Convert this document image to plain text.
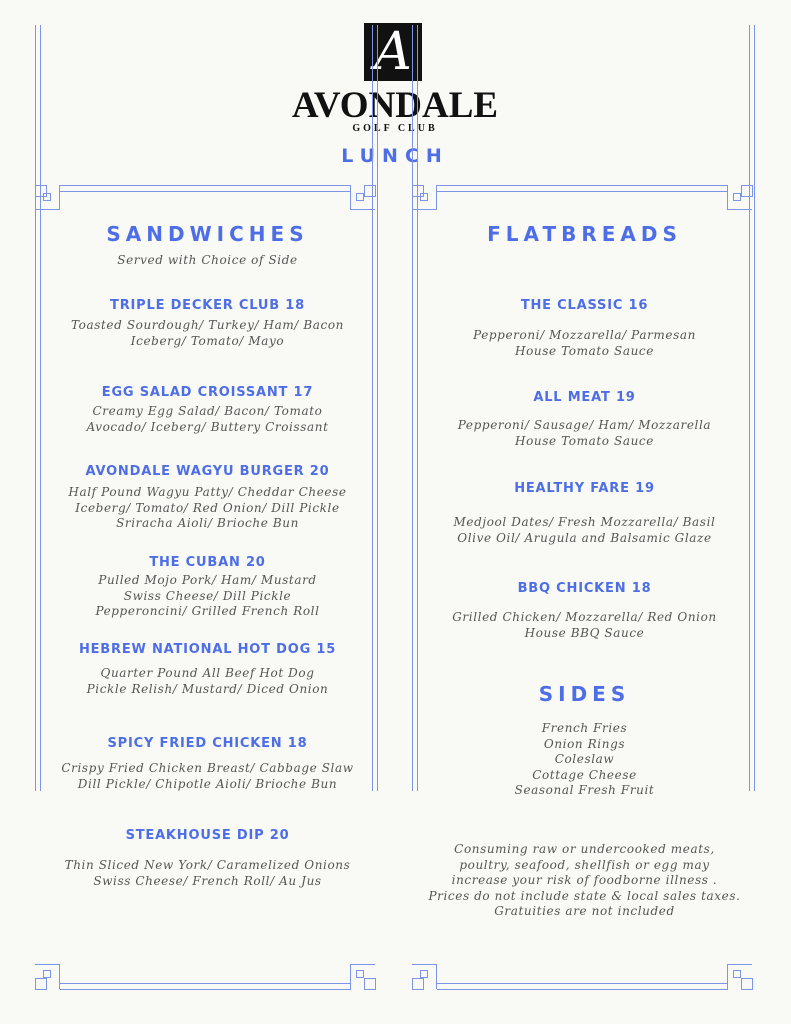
A
AVONDALE
GOLF CLUB
LUNCH
SANDWICHES
Served with Choice of Side
TRIPLE DECKER CLUB 18
Toasted Sourdough/ Turkey/ Ham/ Bacon
Iceberg/ Tomato/ Mayo
EGG SALAD CROISSANT 17
Creamy Egg Salad/ Bacon/ Tomato
Avocado/ Iceberg/ Buttery Croissant
AVONDALE WAGYU BURGER 20
Half Pound Wagyu Patty/ Cheddar Cheese
Iceberg/ Tomato/ Red Onion/ Dill Pickle
Sriracha Aioli/ Brioche Bun
THE CUBAN 20
Pulled Mojo Pork/ Ham/ Mustard
Swiss Cheese/ Dill Pickle
Pepperoncini/ Grilled French Roll
HEBREW NATIONAL HOT DOG 15
Quarter Pound All Beef Hot Dog
Pickle Relish/ Mustard/ Diced Onion
SPICY FRIED CHICKEN 18
Crispy Fried Chicken Breast/ Cabbage Slaw
Dill Pickle/ Chipotle Aioli/ Brioche Bun
STEAKHOUSE DIP 20
Thin Sliced New York/ Caramelized Onions
Swiss Cheese/ French Roll/ Au Jus
FLATBREADS
THE CLASSIC 16
Pepperoni/ Mozzarella/ Parmesan
House Tomato Sauce
ALL MEAT 19
Pepperoni/ Sausage/ Ham/ Mozzarella
House Tomato Sauce
HEALTHY FARE 19
Medjool Dates/ Fresh Mozzarella/ Basil
Olive Oil/ Arugula and Balsamic Glaze
BBQ CHICKEN 18
Grilled Chicken/ Mozzarella/ Red Onion
House BBQ Sauce
SIDES
French Fries
Onion Rings
Coleslaw
Cottage Cheese
Seasonal Fresh Fruit
Consuming raw or undercooked meats,
poultry, seafood, shellfish or egg may
increase your risk of foodborne illness .
Prices do not include state & local sales taxes.
Gratuities are not included
